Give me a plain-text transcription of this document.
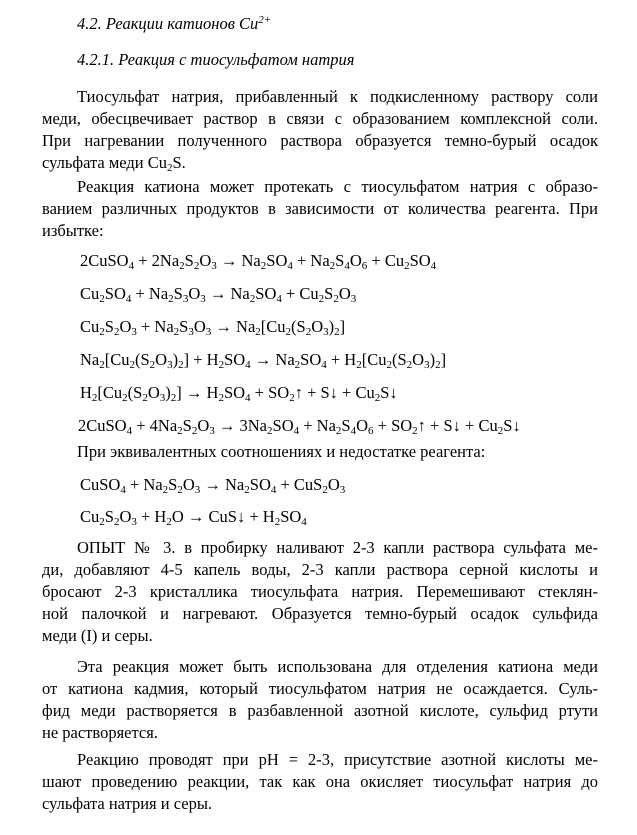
4.2. Реакции катионов $Cu^{2+}$
4.2.1. Реакция с тиосульфатом натрия
Тиосульфат натрия, прибавленный к подкисленному раствору соли
меди, обесцвечивает раствор в связи с образованием комплексной соли.
При нагревании полученного раствора образуется темно-бурый осадок
сульфата меди $Cu_2S$.
Реакция катиона может протекать с тиосульфатом натрия с образо-
ванием различных продуктов в зависимости от количества реагента. При
избытке:
2CuSO$_4$ + $2Na_2S_2O_3 \to Na_2SO_4 + Na_2S_4O_6 + Cu_2SO_4$
$Cu_2SO_4 + Na_2S_3O_3 \to Na_2SO_4 + Cu_2S_2O_3$
$Cu_2S_2O_3 + Na_2S_3O_3 \to Na_2[Cu_2(S_2O_3)_2]$
$Na_2[Cu_2(S_2O_3)_2] + H_2SO_4 \to Na_2SO_4 + H_2[Cu_2(S_2O_3)_2]$
$H_2[Cu_2(S_2O_3)_2] \to H_2SO_4$ + $SO_2↑$ + S↓ + $Cu_2S↓$
2CuSO$_4$ + $4Na_2S_2O_3 \to 3Na_2SO_4 + Na_2S_4O_6$ + $SO_2↑$ + S↓ + $Cu_2S↓$
При эквивалентных соотношениях и недостатке реагента:
CuSO$_4$ + $Na_2S_2O_3 \to Na_2SO_4 + CuS_2O_3$
$Cu_2S_2O_3 + H_2O$ → CuS↓ + $H_2SO_4$
ОПЫТ № 3. в пробирку наливают 2-3 капли раствора сульфата ме-
ди, добавляют 4-5 капель воды, 2-3 капли раствора серной кислоты и
бросают 2-3 кристаллика тиосульфата натрия. Перемешивают стеклян-
ной палочкой и нагревают. Образуется темно-бурый осадок сульфида
меди (I) и серы.
Эта реакция может быть использована для отделения катиона меди
от катиона кадмия, который тиосульфатом натрия не осаждается. Суль-
фид меди растворяется в разбавленной азотной кислоте, сульфид ртути
не растворяется.
Реакцию проводят при pH = 2-3, присутствие азотной кислоты ме-
шают проведению реакции, так как она окисляет тиосульфат натрия до
сульфата натрия и серы.
